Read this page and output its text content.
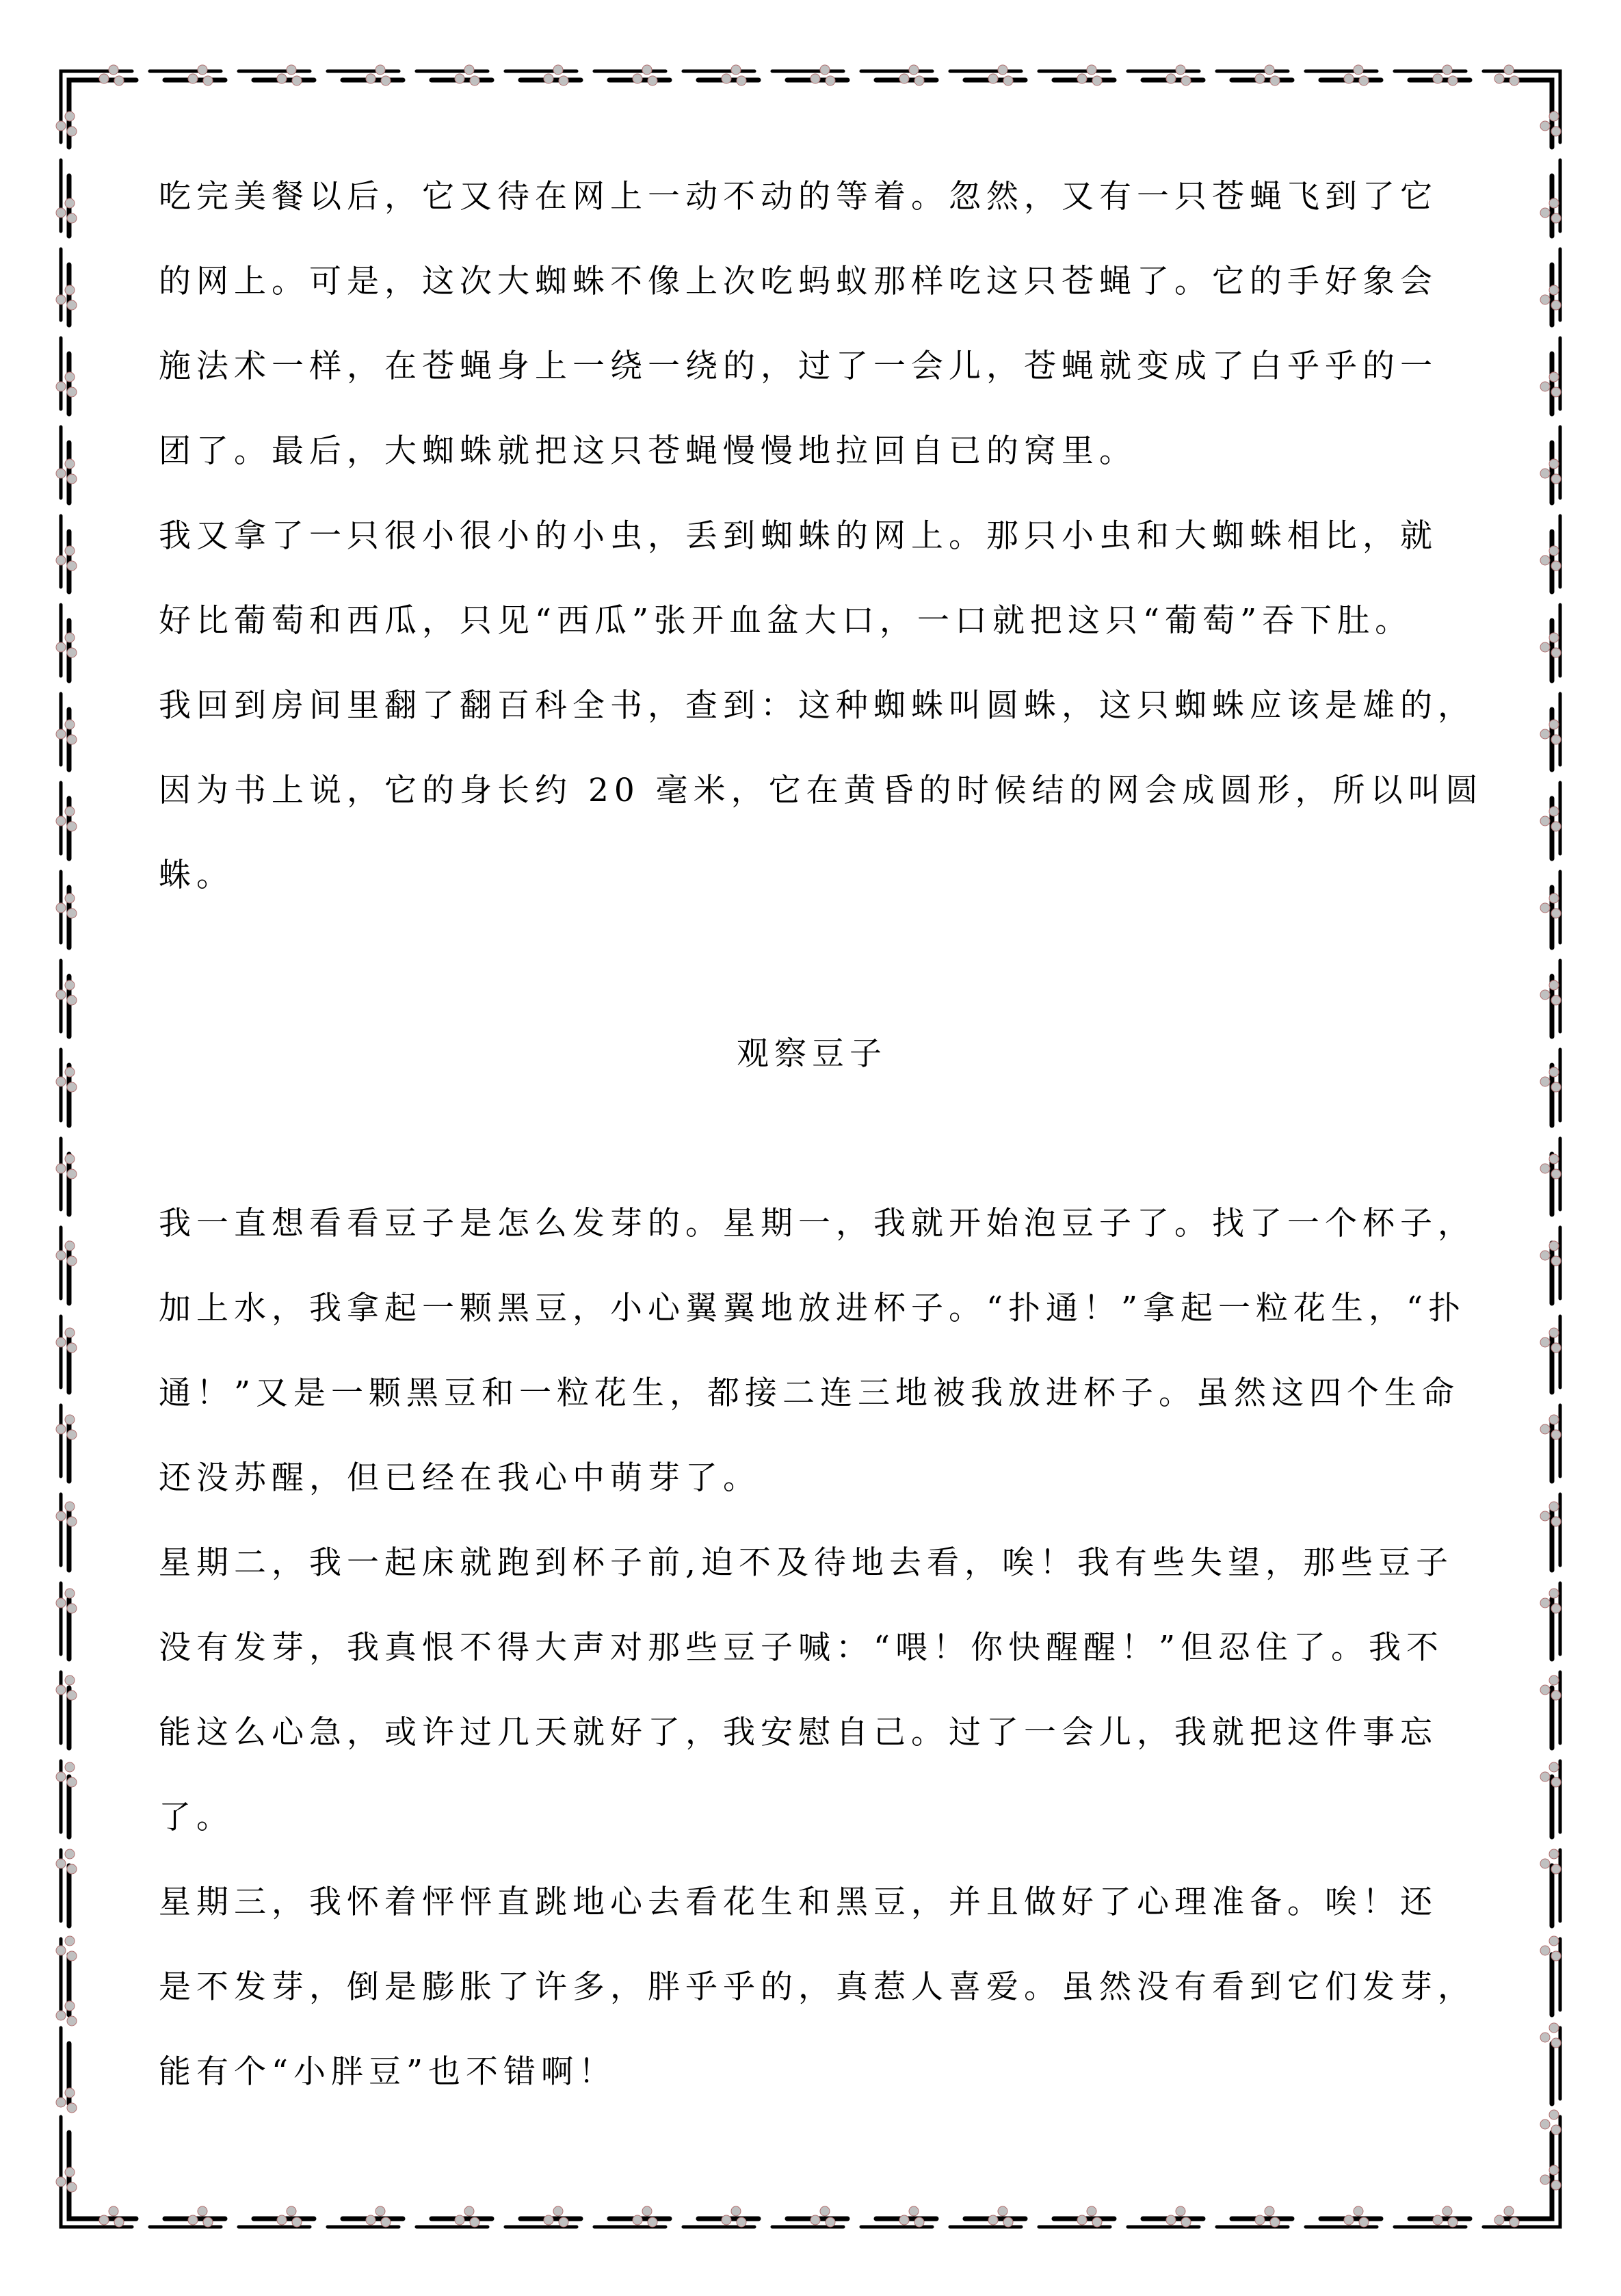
吃完美餐以后，它又待在网上一动不动的等着。忽然，又有一只苍蝇飞到了它
的网上。可是，这次大蜘蛛不像上次吃蚂蚁那样吃这只苍蝇了。它的手好象会
施法术一样，在苍蝇身上一绕一绕的，过了一会儿，苍蝇就变成了白乎乎的一
团了。最后，大蜘蛛就把这只苍蝇慢慢地拉回自已的窝里。
我又拿了一只很小很小的小虫，丢到蜘蛛的网上。那只小虫和大蜘蛛相比，就
好比葡萄和西瓜，只见“西瓜”张开血盆大口，一口就把这只“葡萄”吞下肚。
我回到房间里翻了翻百科全书，查到：这种蜘蛛叫圆蛛，这只蜘蛛应该是雄的，
因为书上说，它的身长约 20 毫米，它在黄昏的时候结的网会成圆形，所以叫圆
蛛。
观察豆子
我一直想看看豆子是怎么发芽的。星期一，我就开始泡豆子了。找了一个杯子，
加上水，我拿起一颗黑豆，小心翼翼地放进杯子。“扑通！”拿起一粒花生，“扑
通！”又是一颗黑豆和一粒花生，都接二连三地被我放进杯子。虽然这四个生命
还没苏醒，但已经在我心中萌芽了。
星期二，我一起床就跑到杯子前,迫不及待地去看，唉！我有些失望，那些豆子
没有发芽，我真恨不得大声对那些豆子喊：“喂！你快醒醒！”但忍住了。我不
能这么心急，或许过几天就好了，我安慰自己。过了一会儿，我就把这件事忘
了。
星期三，我怀着怦怦直跳地心去看花生和黑豆，并且做好了心理准备。唉！还
是不发芽，倒是膨胀了许多，胖乎乎的，真惹人喜爱。虽然没有看到它们发芽，
能有个“小胖豆”也不错啊！
